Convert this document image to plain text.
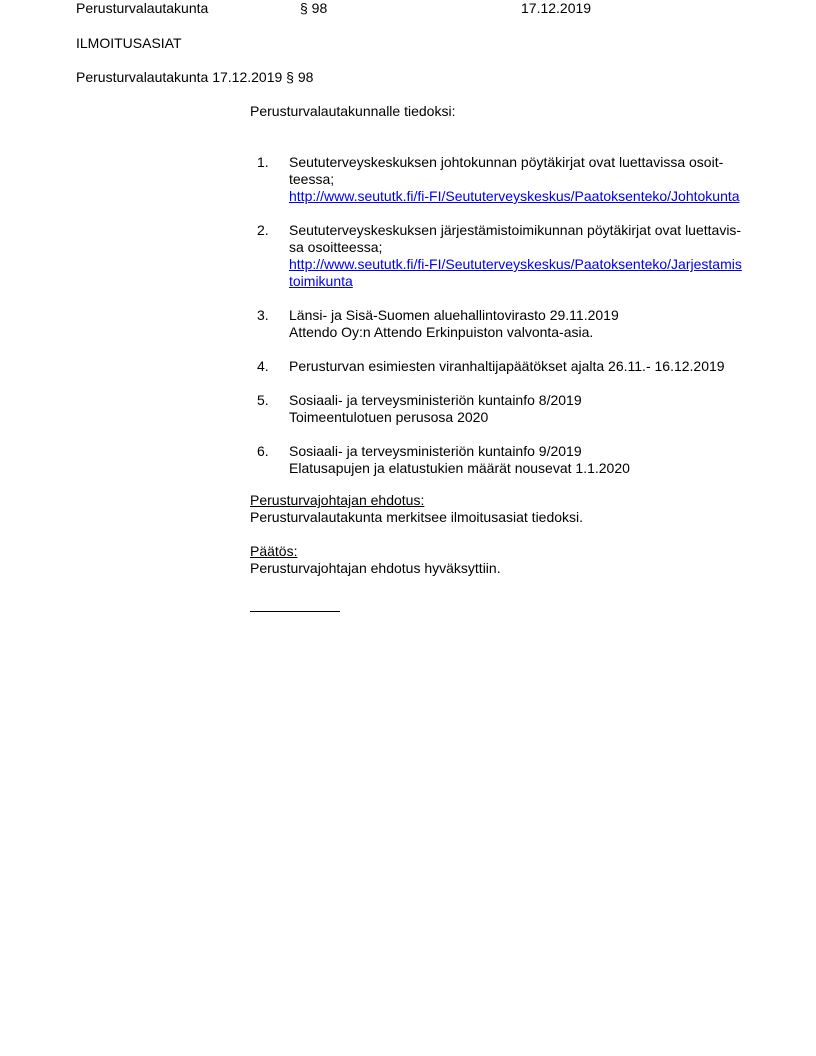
Perusturvalautakunta	§ 98	17.12.2019
ILMOITUSASIAT
Perusturvalautakunta 17.12.2019 § 98
Perusturvalautakunnalle tiedoksi:
1. Seututerveyskeskuksen johtokunnan pöytäkirjat ovat luettavissa osoit-
teessa;
http://www.seututk.fi/fi-FI/Seututerveyskeskus/Paatoksenteko/Johtokunta
2. Seututerveyskeskuksen järjestämistoimikunnan pöytäkirjat ovat luettavis-
sa osoitteessa;
http://www.seututk.fi/fi-FI/Seututerveyskeskus/Paatoksenteko/Jarjestamis
toimikunta
3. Länsi- ja Sisä-Suomen aluehallintovirasto 29.11.2019
Attendo Oy:n Attendo Erkinpuiston valvonta-asia.
4. Perusturvan esimiesten viranhaltijapäätökset ajalta 26.11.- 16.12.2019
5. Sosiaali- ja terveysministeriön kuntainfo 8/2019
Toimeentulotuen perusosa 2020
6. Sosiaali- ja terveysministeriön kuntainfo 9/2019
Elatusapujen ja elatustukien määrät nousevat 1.1.2020
Perusturvajohtajan ehdotus:
Perusturvalautakunta merkitsee ilmoitusasiat tiedoksi.
Päätös:
Perusturvajohtajan ehdotus hyväksyttiin.
